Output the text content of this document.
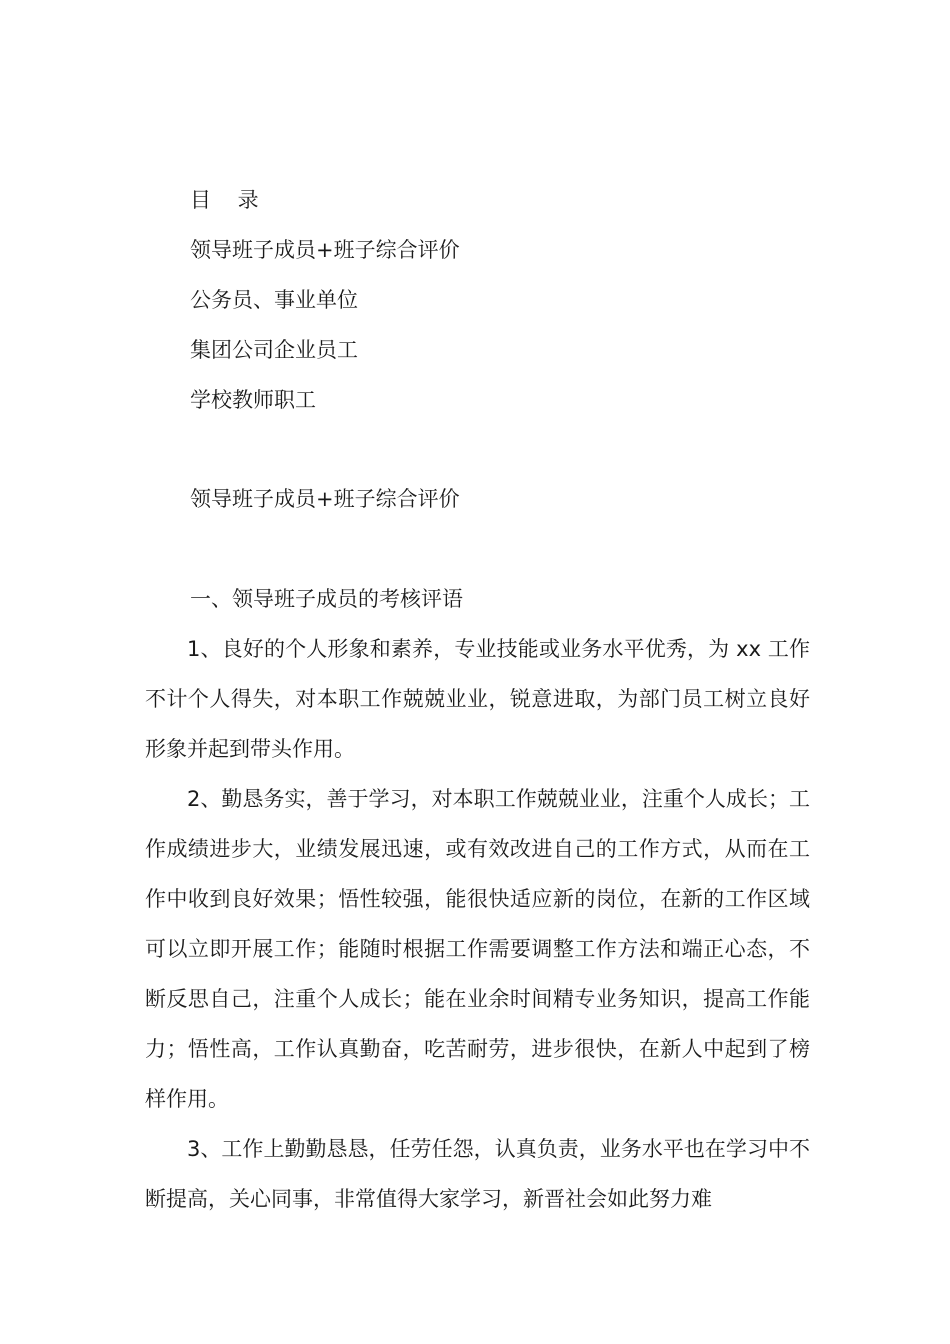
目 录
领导班子成员+班子综合评价
公务员、事业单位
集团公司企业员工
学校教师职工
领导班子成员+班子综合评价
一、领导班子成员的考核评语

1、良好的个人形象和素养，专业技能或业务水平优秀，为 xx 工作不计个人得失，对本职工作兢兢业业，锐意进取，为部门员工树立良好形象并起到带头作用。

2、勤恳务实，善于学习，对本职工作兢兢业业，注重个人成长；工作成绩进步大，业绩发展迅速，或有效改进自己的工作方式，从而在工作中收到良好效果；悟性较强，能很快适应新的岗位，在新的工作区域可以立即开展工作；能随时根据工作需要调整工作方法和端正心态，不断反思自己，注重个人成长；能在业余时间精专业务知识，提高工作能力；悟性高，工作认真勤奋，吃苦耐劳，进步很快，在新人中起到了榜样作用。

3、工作上勤勤恳恳，任劳任怨，认真负责，业务水平也在学习中不断提高，关心同事，非常值得大家学习，新晋社会如此努力难
